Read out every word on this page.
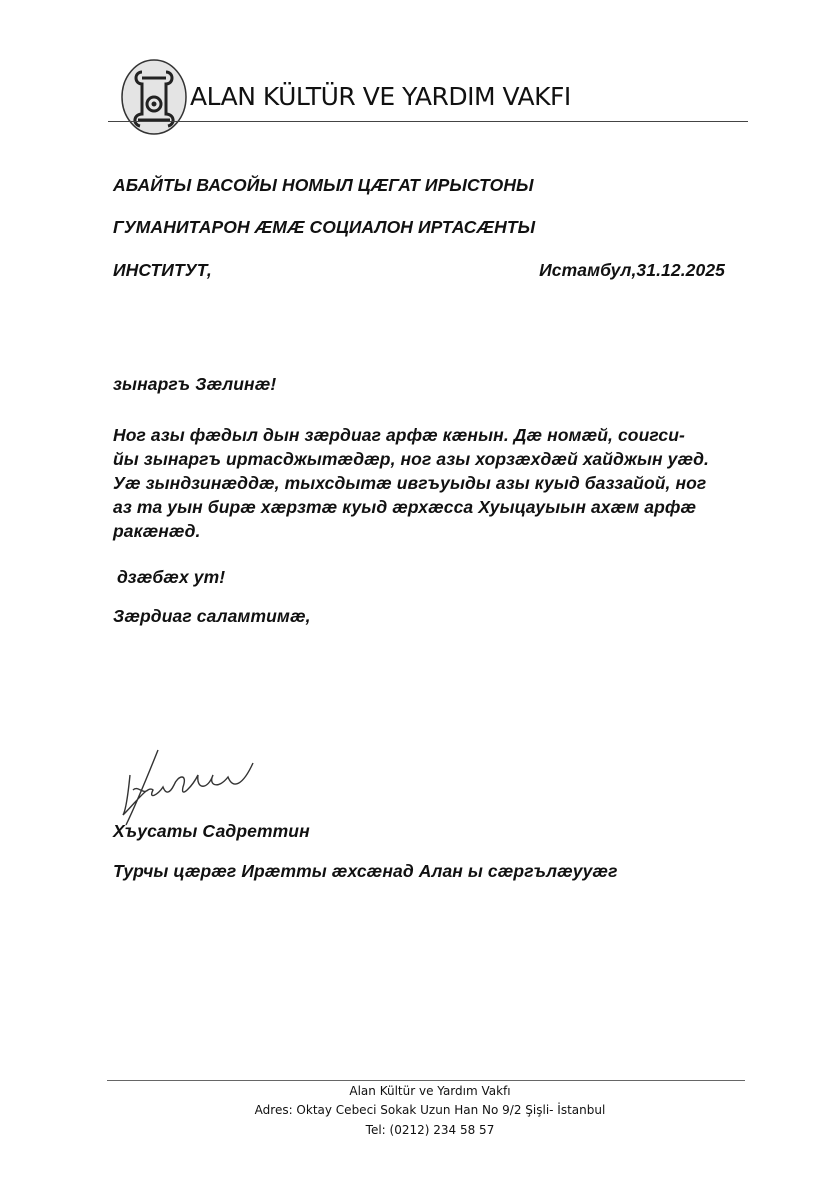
ALAN KÜLTÜR VE YARDIM VAKFI
АБАЙТЫ ВАСОЙЫ НОМЫЛ ЦÆГАТ ИРЫСТОНЫ
ГУМАНИТАРОН ÆМÆ СОЦИАЛОН ИРТАСÆНТЫ
ИНСТИТУТ,	Истамбул,31.12.2025
зынаргъ Зæлинæ!
Ног азы фæдыл дын зæрдиаг арфæ кæнын. Дæ номæй, соигси-
йы зынаргъ иртасджытæдæр, ног азы хорзæхдæй хайджын уæд.
Уæ зындзинæддæ, тыхсдытæ ивгъуыды азы куыд баззайой, ног
аз та уын бирæ хæрзтæ куыд æрхæсса Хуыцауыын ахæм арфæ
ракæнæд.
дзæбæх ут!
Зæрдиаг саламтимæ,
Хъусаты Садреттин
Турчы цæрæг Ирæтты æхсæнад Алан ы сæргълæууæг
Alan Kültür ve Yardım Vakfı
Adres: Oktay Cebeci Sokak Uzun Han No 9/2 Şişli- İstanbul
Tel: (0212) 234 58 57
